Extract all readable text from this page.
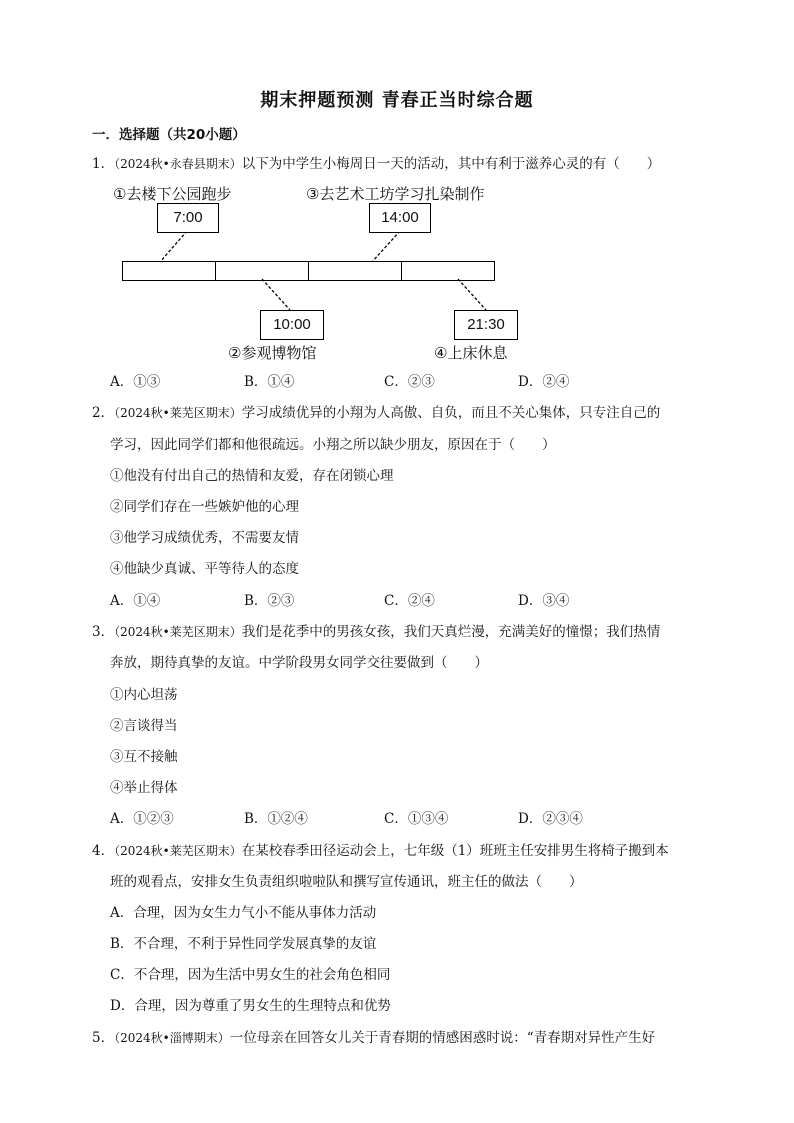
期末押题预测 青春正当时综合题
一．选择题（共20小题）
1．（2024秋•永春县期末）以下为中学生小梅周日一天的活动，其中有利于滋养心灵的有（　　）
①去楼下公园跑步	③去艺术工坊学习扎染制作
7:00	14:00
10:00	21:30
②参观博物馆	④上床休息
A．①③	B．①④	C．②③	D．②④
2．（2024秋•莱芜区期末）学习成绩优异的小翔为人高傲、自负，而且不关心集体，只专注自己的
学习，因此同学们都和他很疏远。小翔之所以缺少朋友，原因在于（　　）
①他没有付出自己的热情和友爱，存在闭锁心理
②同学们存在一些嫉妒他的心理
③他学习成绩优秀，不需要友情
④他缺少真诚、平等待人的态度
A．①④	B．②③	C．②④	D．③④
3．（2024秋•莱芜区期末）我们是花季中的男孩女孩，我们天真烂漫，充满美好的憧憬；我们热情
奔放，期待真挚的友谊。中学阶段男女同学交往要做到（　　）
①内心坦荡
②言谈得当
③互不接触
④举止得体
A．①②③	B．①②④	C．①③④	D．②③④
4．（2024秋•莱芜区期末）在某校春季田径运动会上，七年级（1）班班主任安排男生将椅子搬到本
班的观看点，安排女生负责组织啦啦队和撰写宣传通讯，班主任的做法（　　）
A．合理，因为女生力气小不能从事体力活动
B．不合理，不利于异性同学发展真挚的友谊
C．不合理，因为生活中男女生的社会角色相同
D．合理，因为尊重了男女生的生理特点和优势
5．（2024秋•淄博期末）一位母亲在回答女儿关于青春期的情感困惑时说：“青春期对异性产生好
